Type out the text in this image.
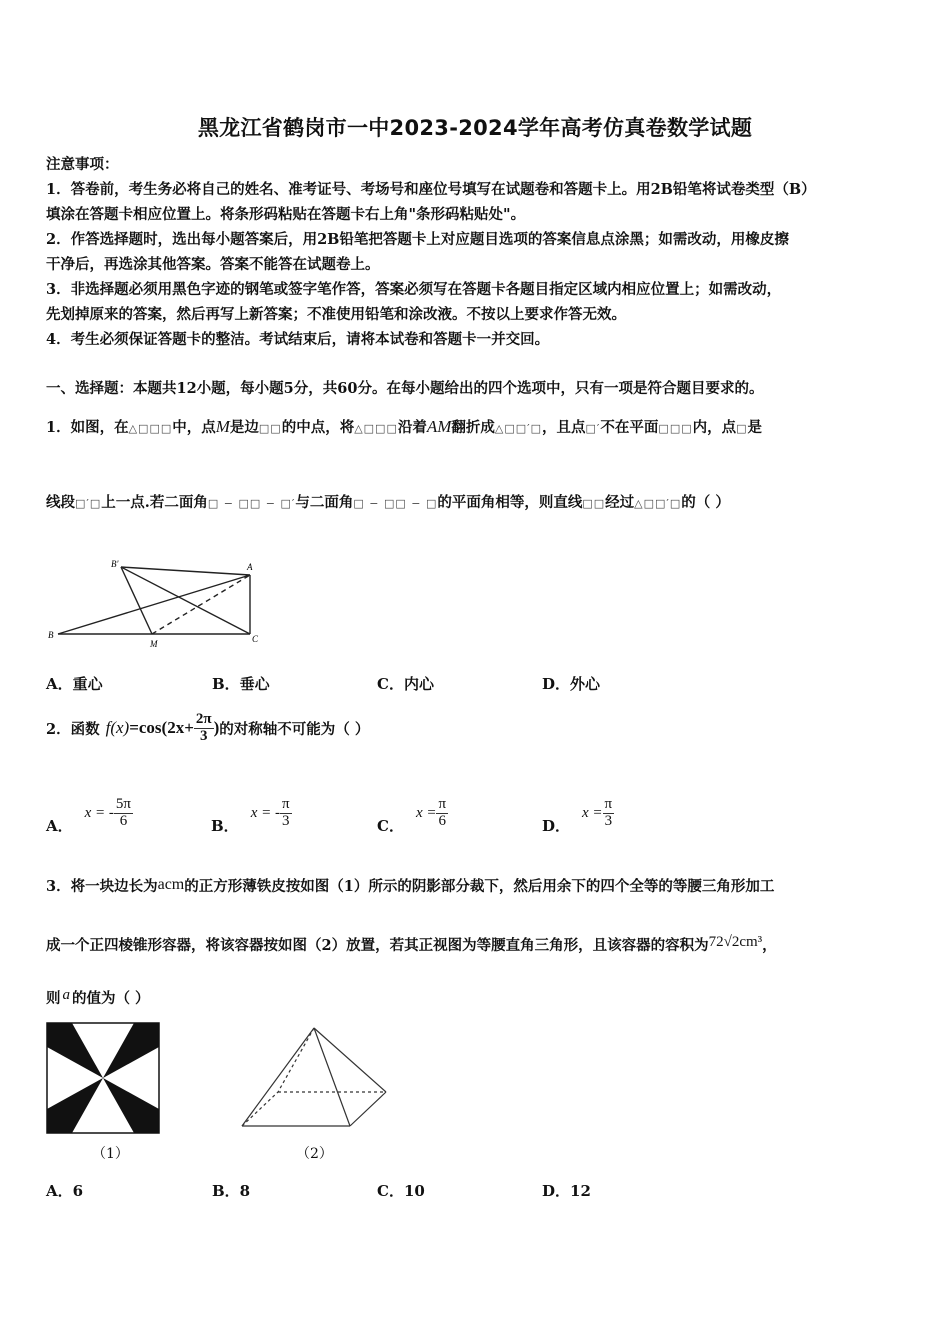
黑龙江省鹤岗市一中2023-2024学年高考仿真卷数学试题
注意事项：
1．答卷前，考生务必将自己的姓名、准考证号、考场号和座位号填写在试题卷和答题卡上。用2B铅笔将试卷类型（B）
填涂在答题卡相应位置上。将条形码粘贴在答题卡右上角"条形码粘贴处"。
2．作答选择题时，选出每小题答案后，用2B铅笔把答题卡上对应题目选项的答案信息点涂黑；如需改动，用橡皮擦
干净后，再选涂其他答案。答案不能答在试题卷上。
3．非选择题必须用黑色字迹的钢笔或签字笔作答，答案必须写在答题卡各题目指定区域内相应位置上；如需改动，
先划掉原来的答案，然后再写上新答案；不准使用铅笔和涂改液。不按以上要求作答无效。
4．考生必须保证答题卡的整洁。考试结束后，请将本试卷和答题卡一并交回。
一、选择题：本题共12小题，每小题5分，共60分。在每小题给出的四个选项中，只有一项是符合题目要求的。
1．如图，在△□□□中，点M是边□□的中点，将△□□□沿着AM翻折成△□□′□，且点□′不在平面□□□内，点□是
线段□′□上一点.若二面角□ − □□ − □′与二面角□ − □□ − □的平面角相等，则直线□□经过△□□′□的（ ）
B'	A
B
M	C
A．重心	B．垂心	C．内心	D．外心
2．函数 $f(x) =\cos(2x+ \frac{2\pi}{3}$ ) 的对称轴不可能为（ ）
A．
x = - $\frac{5\pi}{6}$	B．
x = - $\frac{\pi}{3}$	C．
$x = \frac{\pi}{6}$	D．
$x = \frac{\pi}{3}$
3．将一块边长为acm的正方形薄铁皮按如图（1）所示的阴影部分裁下，然后用余下的四个全等的等腰三角形加工
成一个正四棱锥形容器，将该容器按如图（2）放置，若其正视图为等腰直角三角形，且该容器的容积为72√2cm³，
则 a 的值为（ ）
（1）	（2）
A．6	B．8	C．10	D．12
